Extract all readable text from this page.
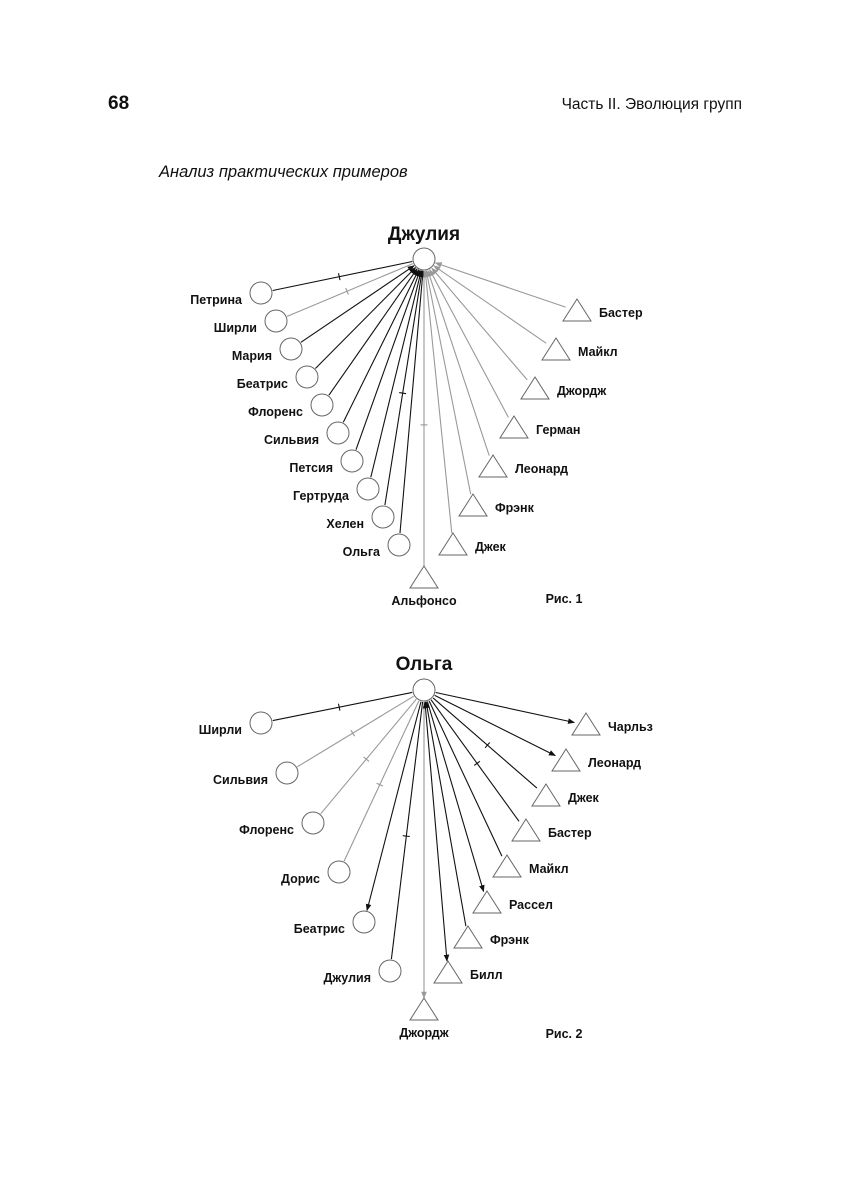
68	Часть II. Эволюция групп
Анализ практических примеров
Петрина
Ширли
Мария
Беатрис
Флоренс
Сильвия
Петсия
Гертруда
Хелен
Ольга
Альфонсо
Джек
Фрэнк
Леонард
Герман
Джордж
Майкл
Бастер
Джулия
Рис. 1
Ширли
Сильвия
Флоренс
Дорис
Беатрис
Джулия
Джордж
Билл
Фрэнк
Рассел
Майкл
Бастер
Джек
Леонард
Чарльз
Ольга
Рис. 2
